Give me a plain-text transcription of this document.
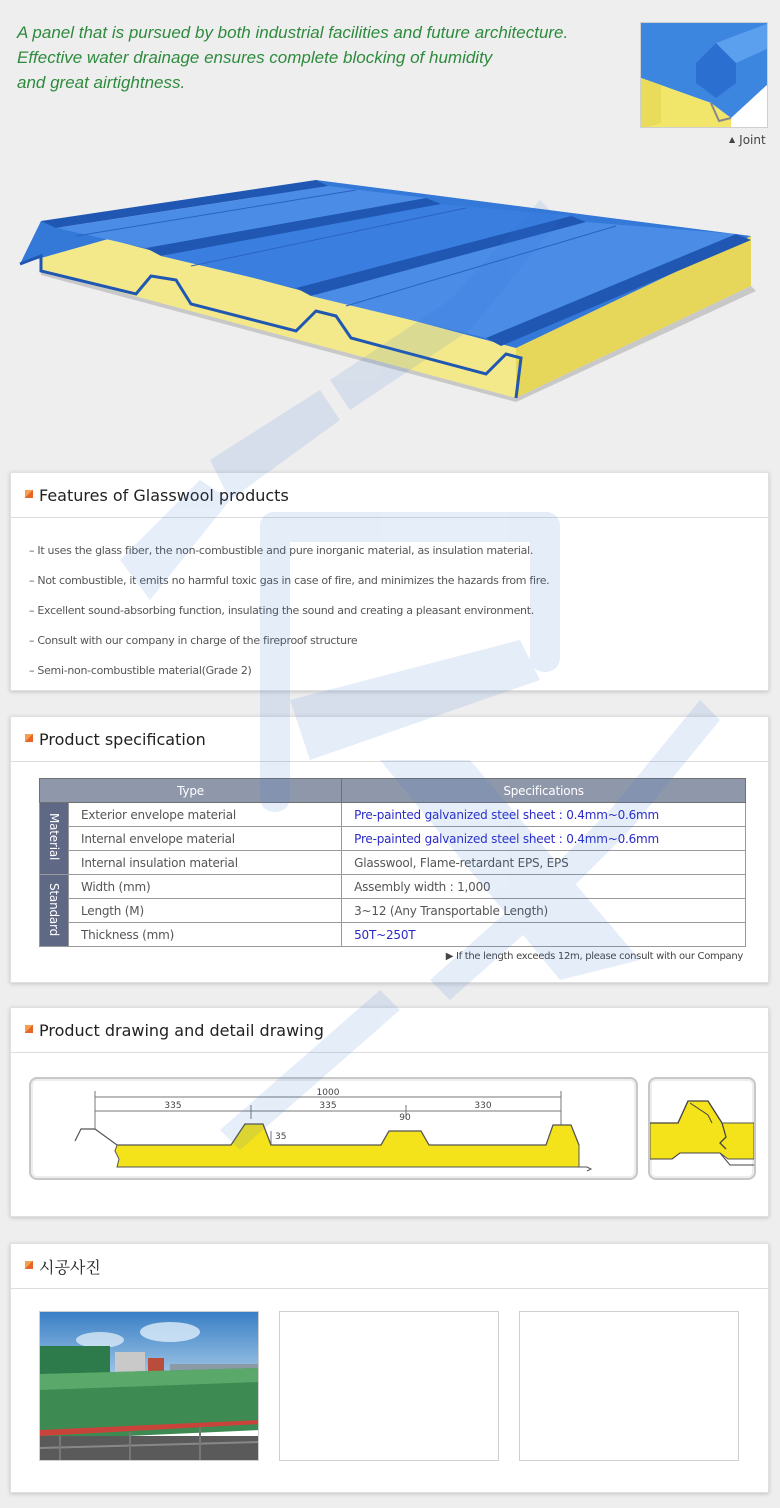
A panel that is pursued by both industrial facilities and future architecture.
Effective water drainage ensures complete blocking of humidity
and great airtightness.
▲ Joint
Features of Glasswool products
– It uses the glass fiber, the non-combustible and pure inorganic material, as insulation material.
– Not combustible, it emits no harmful toxic gas in case of fire, and minimizes the hazards from fire.
– Excellent sound-absorbing function, insulating the sound and creating a pleasant environment.
– Consult with our company in charge of the fireproof structure
– Semi-non-combustible material(Grade 2)
Product specification
Type		Specifications
Material	Exterior envelope material	Pre-painted galvanized steel sheet : 0.4mm~0.6mm
	Internal envelope material	Pre-painted galvanized steel sheet : 0.4mm~0.6mm
	Internal insulation material	Glasswool, Flame-retardant EPS, EPS
Standard	Width (mm)	Assembly width : 1,000
	Length (M)	3~12 (Any Transportable Length)
	Thickness (mm)	50T~250T
▶ If the length exceeds 12m, please consult with our Company
Product drawing and detail drawing
1000
335	335	330
90
35
시공사진
